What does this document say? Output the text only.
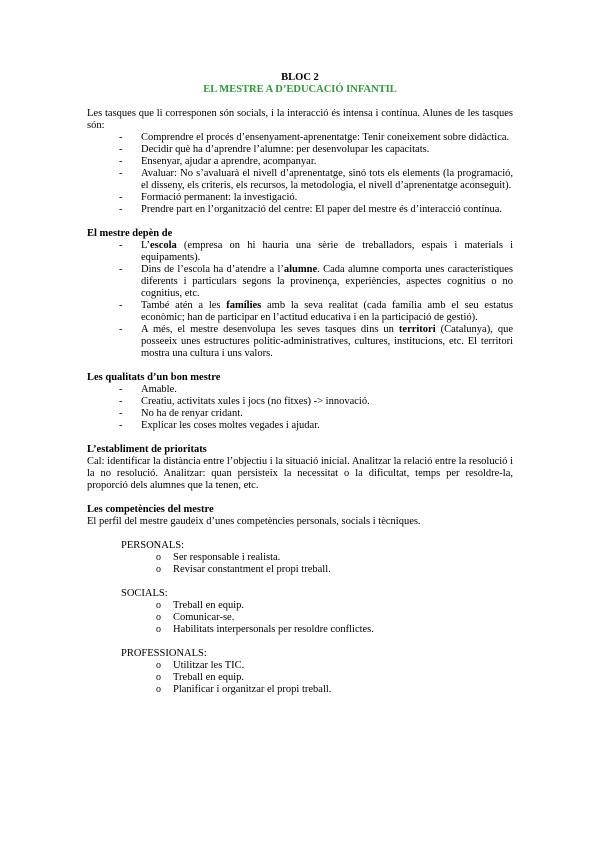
BLOC 2
EL MESTRE A D’EDUCACIÓ INFANTIL

Les tasques que li corresponen són socials, i la interacció és intensa i contínua. Alunes de les tasques són:

- Comprendre el procés d’ensenyament-aprenentatge: Tenir coneixement sobre didàctica.
- Decidir què ha d’aprendre l’alumne: per desenvolupar les capacitats.
- Ensenyar, ajudar a aprendre, acompanyar.
- Avaluar: No s’avaluarà el nivell d’aprenentatge, sinó tots els elements (la programació, el disseny, els criteris, els recursos, la metodologia, el nivell d’aprenentatge aconseguit).
- Formació permanent: la investigació.
- Prendre part en l’organització del centre: El paper del mestre és d’interacció contínua.

El mestre depèn de

- L’escola (empresa on hi hauria una sèrie de treballadors, espais i materials i equipaments).
- Dins de l’escola ha d’atendre a l’alumne. Cada alumne comporta unes característiques diferents i particulars segons la provinença, experiències, aspectes cognitius o no cognitius, etc.
- També atén a les famílies amb la seva realitat (cada família amb el seu estatus econòmic; han de participar en l’actitud educativa i en la participació de gestió).
- A més, el mestre desenvolupa les seves tasques dins un territori (Catalunya), que posseeix unes estructures polític-administratives, cultures, institucions, etc. El territori mostra una cultura i uns valors.

Les qualitats d’un bon mestre

- Amable.
- Creatiu, activitats xules i jocs (no fitxes) -> innovació.
- No ha de renyar cridant.
- Explicar les coses moltes vegades i ajudar.

L’establiment de prioritats

Cal: identificar la distància entre l’objectiu i la situació inicial. Analitzar la relació entre la resolució i la no resolució. Analitzar: quan persisteix la necessitat o la dificultat, temps per resoldre-la, proporció dels alumnes que la tenen, etc.

Les competències del mestre

El perfil del mestre gaudeix d’unes competències personals, socials i tècniques.

PERSONALS:

o Ser responsable i realista.
o Revisar constantment el propi treball.

SOCIALS:

o Treball en equip.
o Comunicar-se.
o Habilitats interpersonals per resoldre conflictes.

PROFESSIONALS:

o Utilitzar les TIC.
o Treball en equip.
o Planificar i organitzar el propi treball.
